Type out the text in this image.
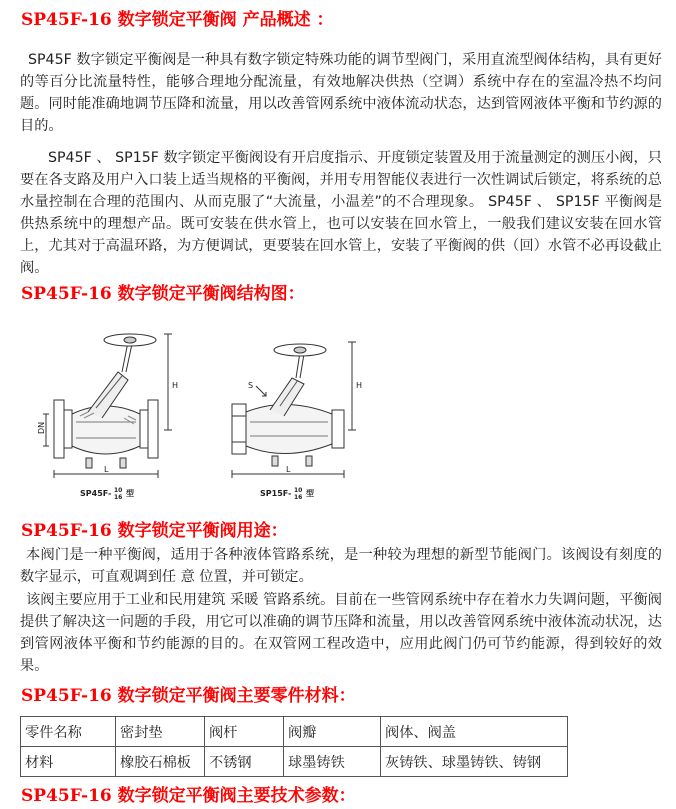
SP45F-16 数字锁定平衡阀 产品概述 ：
SP45F 数字锁定平衡阀是一种具有数字锁定特殊功能的调节型阀门，采用直流型阀体结构，具有更好的等百分比流量特性，能够合理地分配流量，有效地解决供热（空调）系统中存在的室温冷热不均问题。同时能准确地调节压降和流量，用以改善管网系统中液体流动状态，达到管网液体平衡和节约源的目的。
SP45F 、 SP15F 数字锁定平衡阀设有开启度指示、开度锁定装置及用于流量测定的测压小阀，只要在各支路及用户入口装上适当规格的平衡阀，并用专用智能仪表进行一次性调试后锁定，将系统的总水量控制在合理的范围内、从而克服了“大流量，小温差”的不合理现象。 SP45F 、 SP15F 平衡阀是供热系统中的理想产品。既可安装在供水管上，也可以安装在回水管上，一般我们建议安装在回水管上，尤其对于高温环路，为方便调试，更要装在回水管上，安装了平衡阀的供（回）水管不必再设截止阀。
SP45F-16 数字锁定平衡阀结构图：
DN
H
L
SP45F- 10
16 型
S	H
L
SP15F- 10
16 型
SP45F-16 数字锁定平衡阀用途：
本阀门是一种平衡阀，适用于各种液体管路系统，是一种较为理想的新型节能阀门。该阀设有刻度的数字显示，可直观调到任 意 位置，并可锁定。
该阀主要应用于工业和民用建筑 采暖 管路系统。目前在一些管网系统中存在着水力失调问题，平衡阀提供了解决这一问题的手段，用它可以准确的调节压降和流量，用以改善管网系统中液体流动状况，达到管网液体平衡和节约能源的目的。在双管网工程改造中，应用此阀门仍可节约能源，得到较好的效果。
SP45F-16 数字锁定平衡阀主要零件材料：
零件名称	密封垫	阀杆	阀瓣	阀体、阀盖
材料	橡胶石棉板	不锈钢	球墨铸铁	灰铸铁、球墨铸铁、铸钢
SP45F-16 数字锁定平衡阀主要技术参数：
